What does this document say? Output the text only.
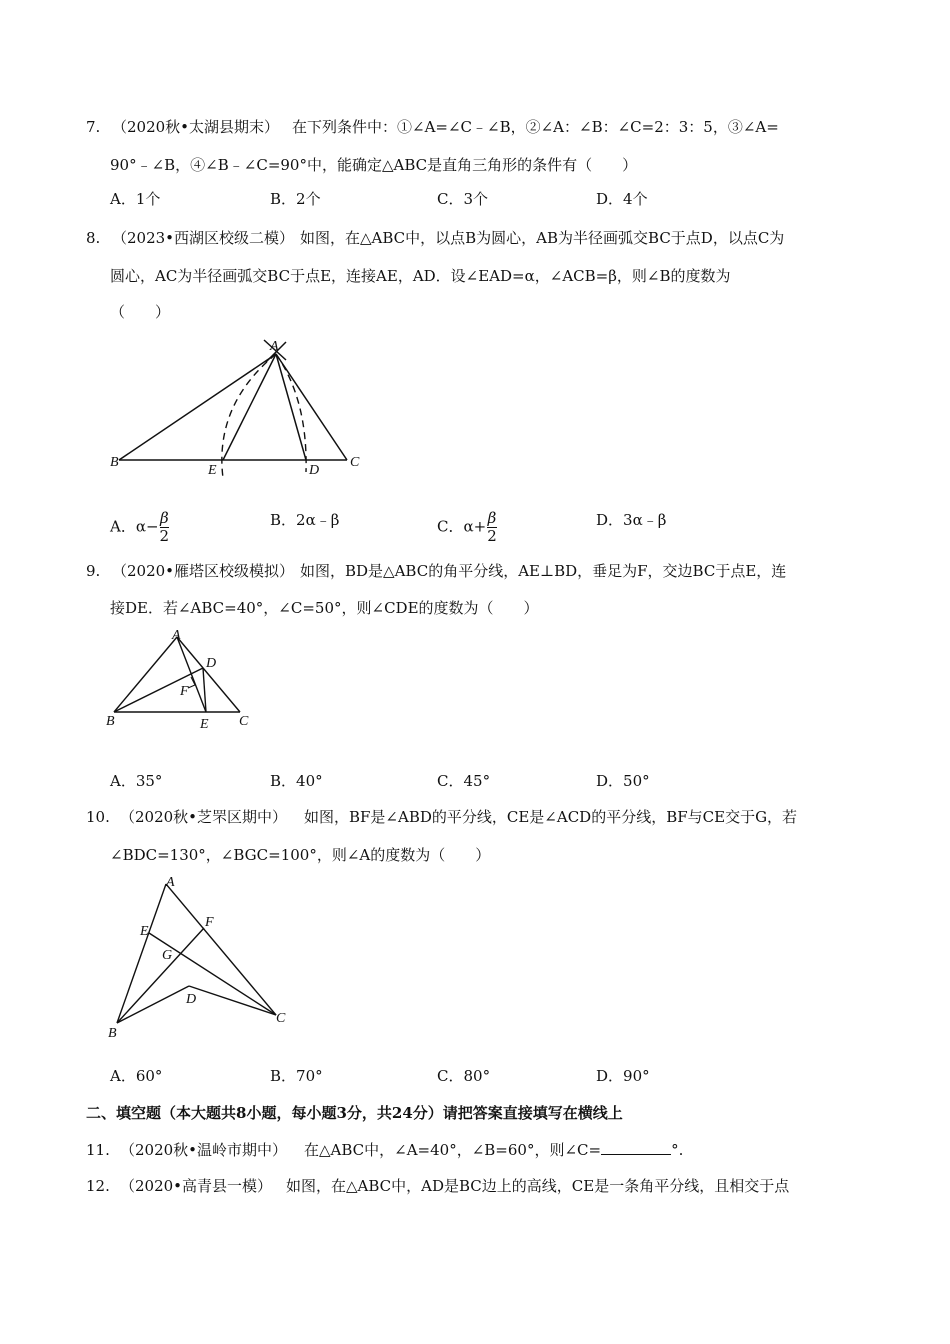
7. （2020秋•太湖县期末） 在下列条件中：①∠A=∠C﹣∠B，②∠A：∠B：∠C=2：3：5，③∠A=
90°﹣∠B，④∠B﹣∠C=90°中，能确定△ABC是直角三角形的条件有（　　）
A．1个	B．2个	C．3个	D．4个
8. （2023•西湖区校级二模） 如图，在△ABC中，以点B为圆心，AB为半径画弧交BC于点D，以点C为
圆心，AC为半径画弧交BC于点E，连接AE，AD．设∠EAD=α，∠ACB=β，则∠B的度数为
（　　）
A
B
E	D
C
A．$\alpha- \frac{\beta}{2}$	B．2α﹣β	C．$\alpha+ \frac{\beta}{2}$	D．3α﹣β
9. （2020•雁塔区校级模拟） 如图，BD是△ABC的角平分线，AE⊥BD，垂足为F，交边BC于点E，连
接DE．若∠ABC=40°，∠C=50°，则∠CDE的度数为（　　）
A
D
F
B	E C
A．35°	B．40°	C．45°	D．50°
10. （2020秋•芝罘区期中） 如图，BF是∠ABD的平分线，CE是∠ACD的平分线，BF与CE交于G，若
∠BDC=130°，∠BGC=100°，则∠A的度数为（　　）
A
E
F
G
D
B
C
A．60°	B．70°	C．80°	D．90°
二、填空题（本大题共8小题，每小题3分，共24分）请把答案直接填写在横线上
11. （2020秋•温岭市期中） 在△ABC中，∠A=40°，∠B=60°，则∠C=	°.
12. （2020•高青县一模） 如图，在△ABC中，AD是BC边上的高线，CE是一条角平分线，且相交于点
